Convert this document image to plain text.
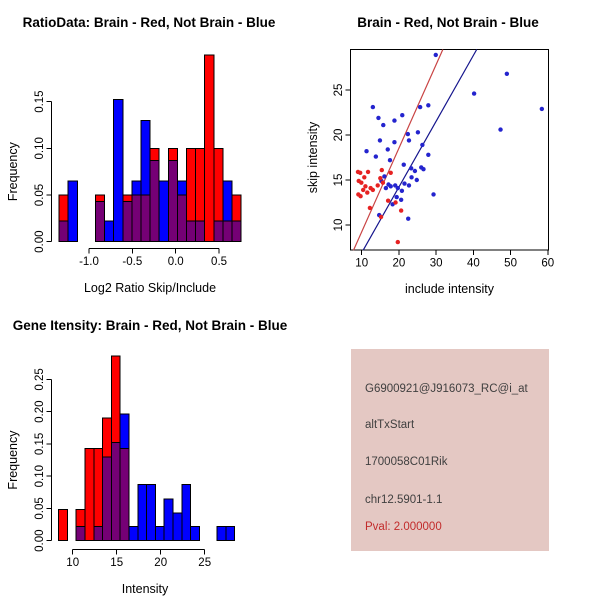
RatioData: Brain - Red, Not Brain - Blue
0.00
0.05
0.10
0.15
Frequency
-1.0 -0.5 0.0 0.5
Log2 Ratio Skip/Include
Brain - Red, Not Brain - Blue
10
15
20
25
skip intensity
10 20 30 40 50 60
include intensity
Gene Itensity: Brain - Red, Not Brain - Blue
0.00
0.05
0.10
0.15
0.20
0.25
Frequency
10	15	20	25
Intensity
G6900921@J916073_RC@i_at
altTxStart
1700058C01Rik
chr12.5901-1.1
Pval: 2.000000
